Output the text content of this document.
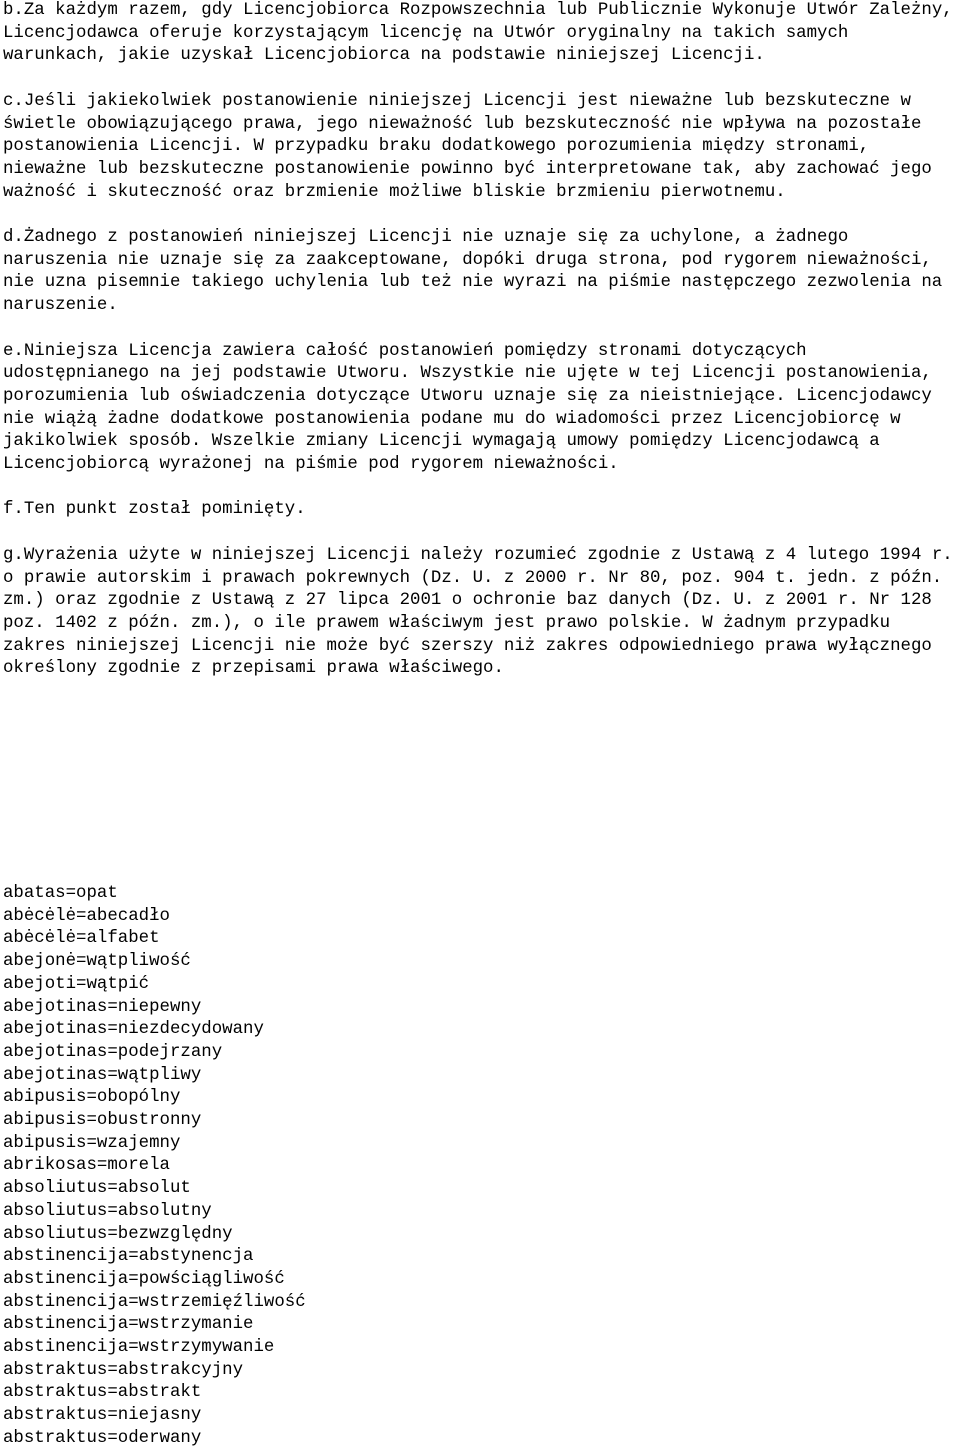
b.Za każdym razem, gdy Licencjobiorca Rozpowszechnia lub Publicznie Wykonuje Utwór Zależny, Licencjodawca oferuje korzystającym licencję na Utwór oryginalny na takich samych warunkach, jakie uzyskał Licencjobiorca na podstawie niniejszej Licencji.

c.Jeśli jakiekolwiek postanowienie niniejszej Licencji jest nieważne lub bezskuteczne w świetle obowiązującego prawa, jego nieważność lub bezskuteczność nie wpływa na pozostałe postanowienia Licencji. W przypadku braku dodatkowego porozumienia między stronami, nieważne lub bezskuteczne postanowienie powinno być interpretowane tak, aby zachować jego ważność i skuteczność oraz brzmienie możliwe bliskie brzmieniu pierwotnemu.

d.Żadnego z postanowień niniejszej Licencji nie uznaje się za uchylone, a żadnego naruszenia nie uznaje się za zaakceptowane, dopóki druga strona, pod rygorem nieważności, nie uzna pisemnie takiego uchylenia lub też nie wyrazi na piśmie następczego zezwolenia na naruszenie.

e.Niniejsza Licencja zawiera całość postanowień pomiędzy stronami dotyczących udostępnianego na jej podstawie Utworu. Wszystkie nie ujęte w tej Licencji postanowienia, porozumienia lub oświadczenia dotyczące Utworu uznaje się za nieistniejące. Licencjodawcy nie wiążą żadne dodatkowe postanowienia podane mu do wiadomości przez Licencjobiorcę w jakikolwiek sposób. Wszelkie zmiany Licencji wymagają umowy pomiędzy Licencjodawcą a Licencjobiorcą wyrażonej na piśmie pod rygorem nieważności.

f.Ten punkt został pominięty.

g.Wyrażenia użyte w niniejszej Licencji należy rozumieć zgodnie z Ustawą z 4 lutego 1994 r. o prawie autorskim i prawach pokrewnych (Dz. U. z 2000 r. Nr 80, poz. 904 t. jedn. z późn. zm.) oraz zgodnie z Ustawą z 27 lipca 2001 o ochronie baz danych (Dz. U. z 2001 r. Nr 128 poz. 1402 z późn. zm.), o ile prawem właściwym jest prawo polskie. W żadnym przypadku zakres niniejszej Licencji nie może być szerszy niż zakres odpowiedniego prawa wyłącznego określony zgodnie z przepisami prawa właściwego.

abatas=opat
abėcėlė=abecadło
abėcėlė=alfabet
abejonė=wątpliwość
abejoti=wątpić
abejotinas=niepewny
abejotinas=niezdecydowany
abejotinas=podejrzany
abejotinas=wątpliwy
abipusis=obopólny
abipusis=obustronny
abipusis=wzajemny
abrikosas=morela
absoliutus=absolut
absoliutus=absolutny
absoliutus=bezwzględny
abstinencija=abstynencja
abstinencija=powściągliwość
abstinencija=wstrzemięźliwość
abstinencija=wstrzymanie
abstinencija=wstrzymywanie
abstraktus=abstrakcyjny
abstraktus=abstrakt
abstraktus=niejasny
abstraktus=oderwany
